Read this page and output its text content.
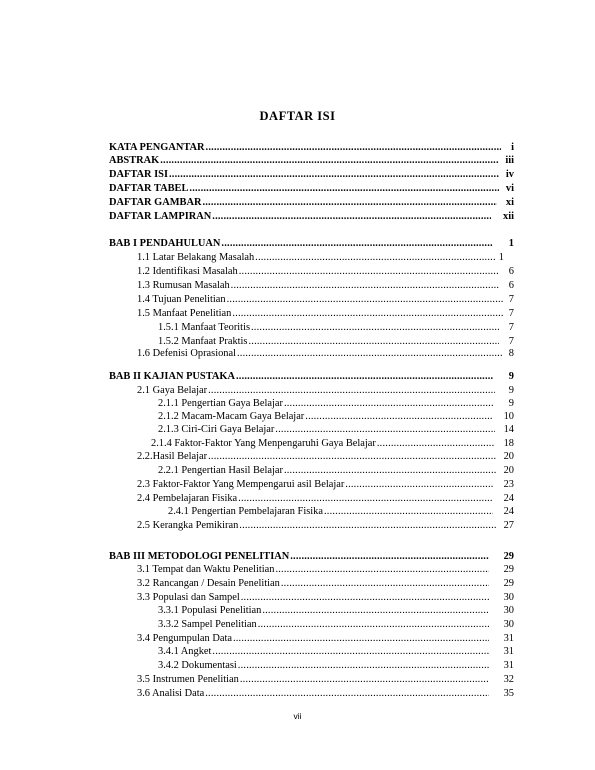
DAFTAR ISI
KATA PENGANTAR .....	i
ABSTRAK .....	iii
DAFTAR ISI .....	iv
DAFTAR TABEL .....	vi
DAFTAR GAMBAR .....	xi
DAFTAR LAMPIRAN .....	xii
BAB I PENDAHULUAN .....	1
1.1 Latar Belakang Masalah .....	1
1.2 Identifikasi Masalah .....	6
1.3 Rumusan Masalah .....	6
1.4 Tujuan Penelitian .....	7
1.5 Manfaat Penelitian .....	7
1.5.1 Manfaat Teoritis .....	7
1.5.2 Manfaat Praktis .....	7
1.6 Defenisi Oprasional .....	8
BAB II KAJIAN PUSTAKA .....	9
2.1 Gaya Belajar .....	9
2.1.1 Pengertian Gaya Belajar .....	9
2.1.2 Macam-Macam Gaya Belajar .....	10
2.1.3 Ciri-Ciri Gaya Belajar .....	14
2.1.4 Faktor-Faktor Yang Menpengaruhi Gaya Belajar .....	18
2.2.Hasil Belajar .....	20
2.2.1 Pengertian Hasil Belajar .....	20
2.3 Faktor-Faktor Yang Mempengarui asil Belajar .....	23
2.4 Pembelajaran Fisika .....	24
2.4.1 Pengertian Pembelajaran Fisika .....	24
2.5 Kerangka Pemikiran .....	27
BAB III METODOLOGI PENELITIAN .....	29
3.1 Tempat dan Waktu Penelitian .....	29
3.2 Rancangan / Desain Penelitian .....	29
3.3 Populasi dan Sampel .....	30
3.3.1 Populasi Penelitian .....	30
3.3.2 Sampel Penelitian .....	30
3.4 Pengumpulan Data .....	31
3.4.1 Angket .....	31
3.4.2 Dokumentasi .....	31
3.5 Instrumen Penelitian .....	32
3.6 Analisi Data .....	35
vii
